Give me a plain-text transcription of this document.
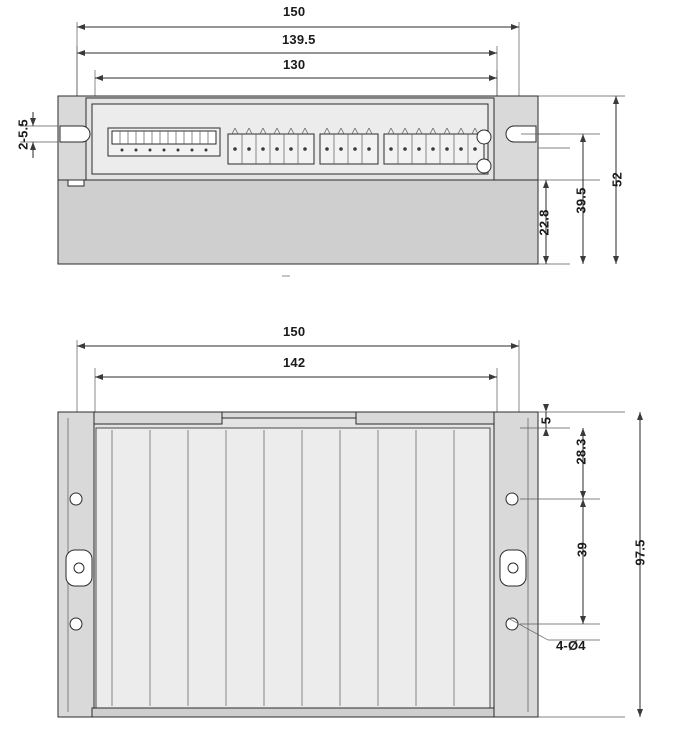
150
139.5
130
2-5.5
22.8
39.5
52
150
142
5
28.3
39	97.5
4-Ø4
